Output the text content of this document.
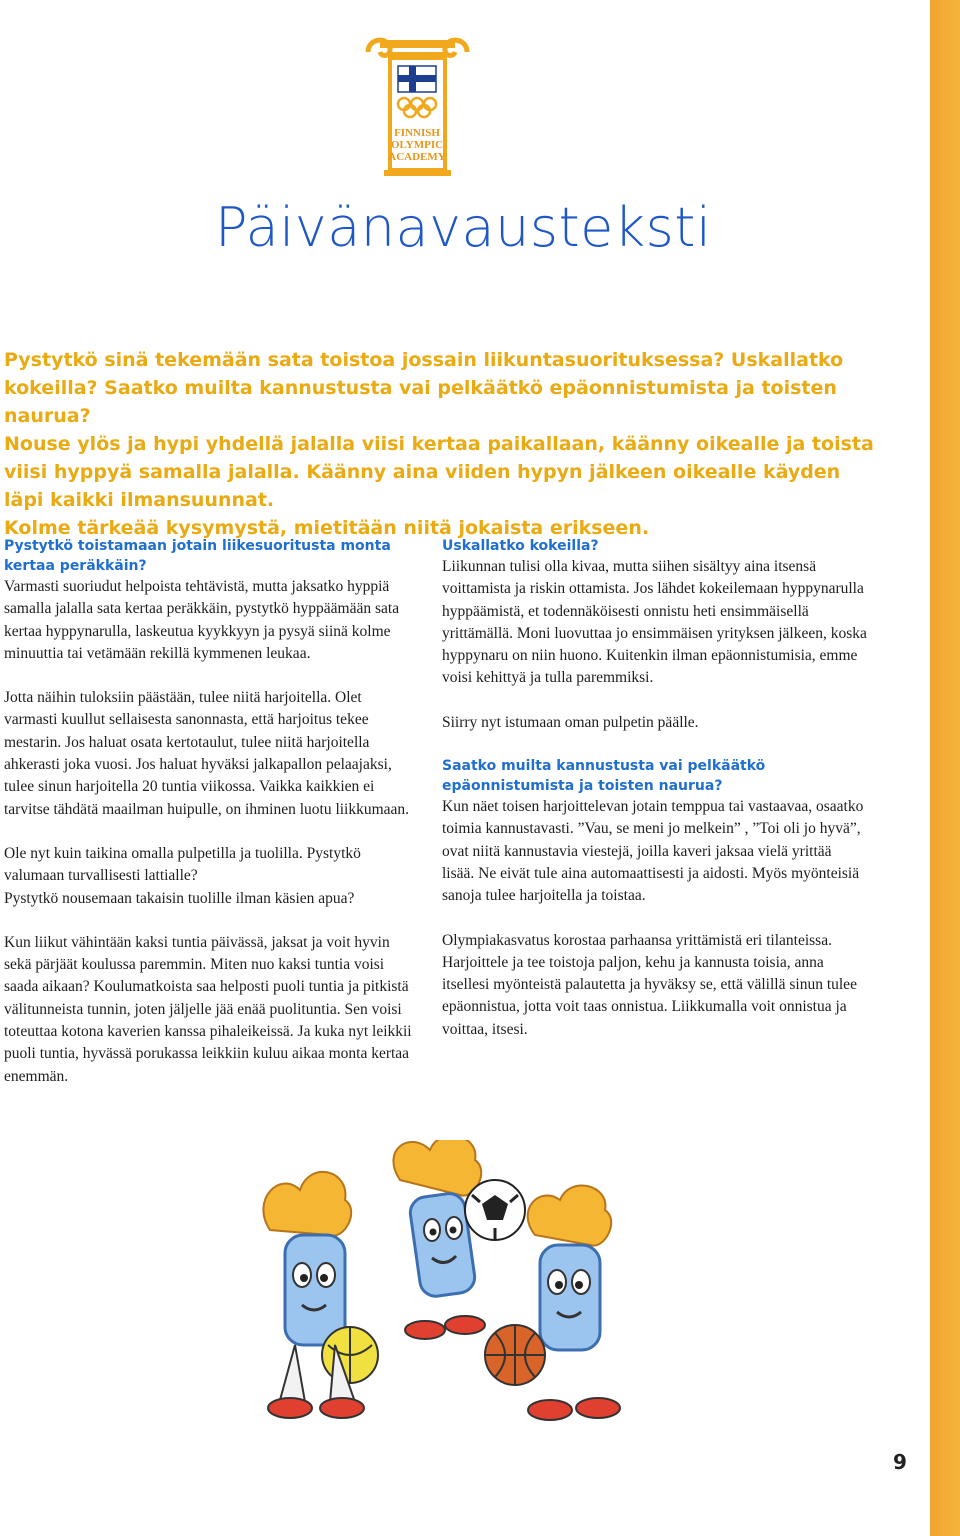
FINNISH
OLYMPIC
ACADEMY
Päivänavausteksti

Pystytkö sinä tekemään sata toistoa jossain liikuntasuorituksessa? Uskallatko kokeilla? Saatko muilta kannustusta vai pelkäätkö epäonnistumista ja toisten naurua?

Nouse ylös ja hypi yhdellä jalalla viisi kertaa paikallaan, käänny oikealle ja toista viisi hyppyä samalla jalalla. Käänny aina viiden hypyn jälkeen oikealle käyden läpi kaikki ilmansuunnat.

Kolme tärkeää kysymystä, mietitään niitä jokaista erikseen.

Pystytkö toistamaan jotain liikesuoritusta monta kertaa peräkkäin?

Varmasti suoriudut helpoista tehtävistä, mutta jaksatko hyppiä samalla jalalla sata kertaa peräkkäin, pystytkö hyppäämään sata kertaa hyppynarulla, laskeutua kyykkyyn ja pysyä siinä kolme minuuttia tai vetämään rekillä kymmenen leukaa.

Jotta näihin tuloksiin päästään, tulee niitä harjoitella. Olet varmasti kuullut sellaisesta sanonnasta, että harjoitus tekee mestarin. Jos haluat osata kertotaulut, tulee niitä harjoitella ahkerasti joka vuosi. Jos haluat hyväksi jalkapallon pelaajaksi, tulee sinun harjoitella 20 tuntia viikossa. Vaikka kaikkien ei tarvitse tähdätä maailman huipulle, on ihminen luotu liikkumaan.

Ole nyt kuin taikina omalla pulpetilla ja tuolilla. Pystytkö valumaan turvallisesti lattialle?

Pystytkö nousemaan takaisin tuolille ilman käsien apua?

Kun liikut vähintään kaksi tuntia päivässä, jaksat ja voit hyvin sekä pärjäät koulussa paremmin. Miten nuo kaksi tuntia voisi saada aikaan? Koulumatkoista saa helposti puoli tuntia ja pitkistä välitunneista tunnin, joten jäljelle jää enää puolituntia. Sen voisi toteuttaa kotona kaverien kanssa pihaleikeissä. Ja kuka nyt leikkii puoli tuntia, hyvässä porukassa leikkiin kuluu aikaa monta kertaa enemmän.

Uskallatko kokeilla?

Liikunnan tulisi olla kivaa, mutta siihen sisältyy aina itsensä voittamista ja riskin ottamista. Jos lähdet kokeilemaan hyppynarulla hyppäämistä, et todennäköisesti onnistu heti ensimmäisellä yrittämällä. Moni luovuttaa jo ensimmäisen yrityksen jälkeen, koska hyppynaru on niin huono. Kuitenkin ilman epäonnistumisia, emme voisi kehittyä ja tulla paremmiksi.

Siirry nyt istumaan oman pulpetin päälle.

Saatko muilta kannustusta vai pelkäätkö epäonnistumista ja toisten naurua?

Kun näet toisen harjoittelevan jotain temppua tai vastaavaa, osaatko toimia kannustavasti. ”Vau, se meni jo melkein” , ”Toi oli jo hyvä”, ovat niitä kannustavia viestejä, joilla kaveri jaksaa vielä yrittää lisää. Ne eivät tule aina automaattisesti ja aidosti. Myös myönteisiä sanoja tulee harjoitella ja toistaa.

Olympiakasvatus korostaa parhaansa yrittämistä eri tilanteissa. Harjoittele ja tee toistoja paljon, kehu ja kannusta toisia, anna itsellesi myönteistä palautetta ja hyväksy se, että välillä sinun tulee epäonnistua, jotta voit taas onnistua. Liikkumalla voit onnistua ja voittaa, itsesi.

9
